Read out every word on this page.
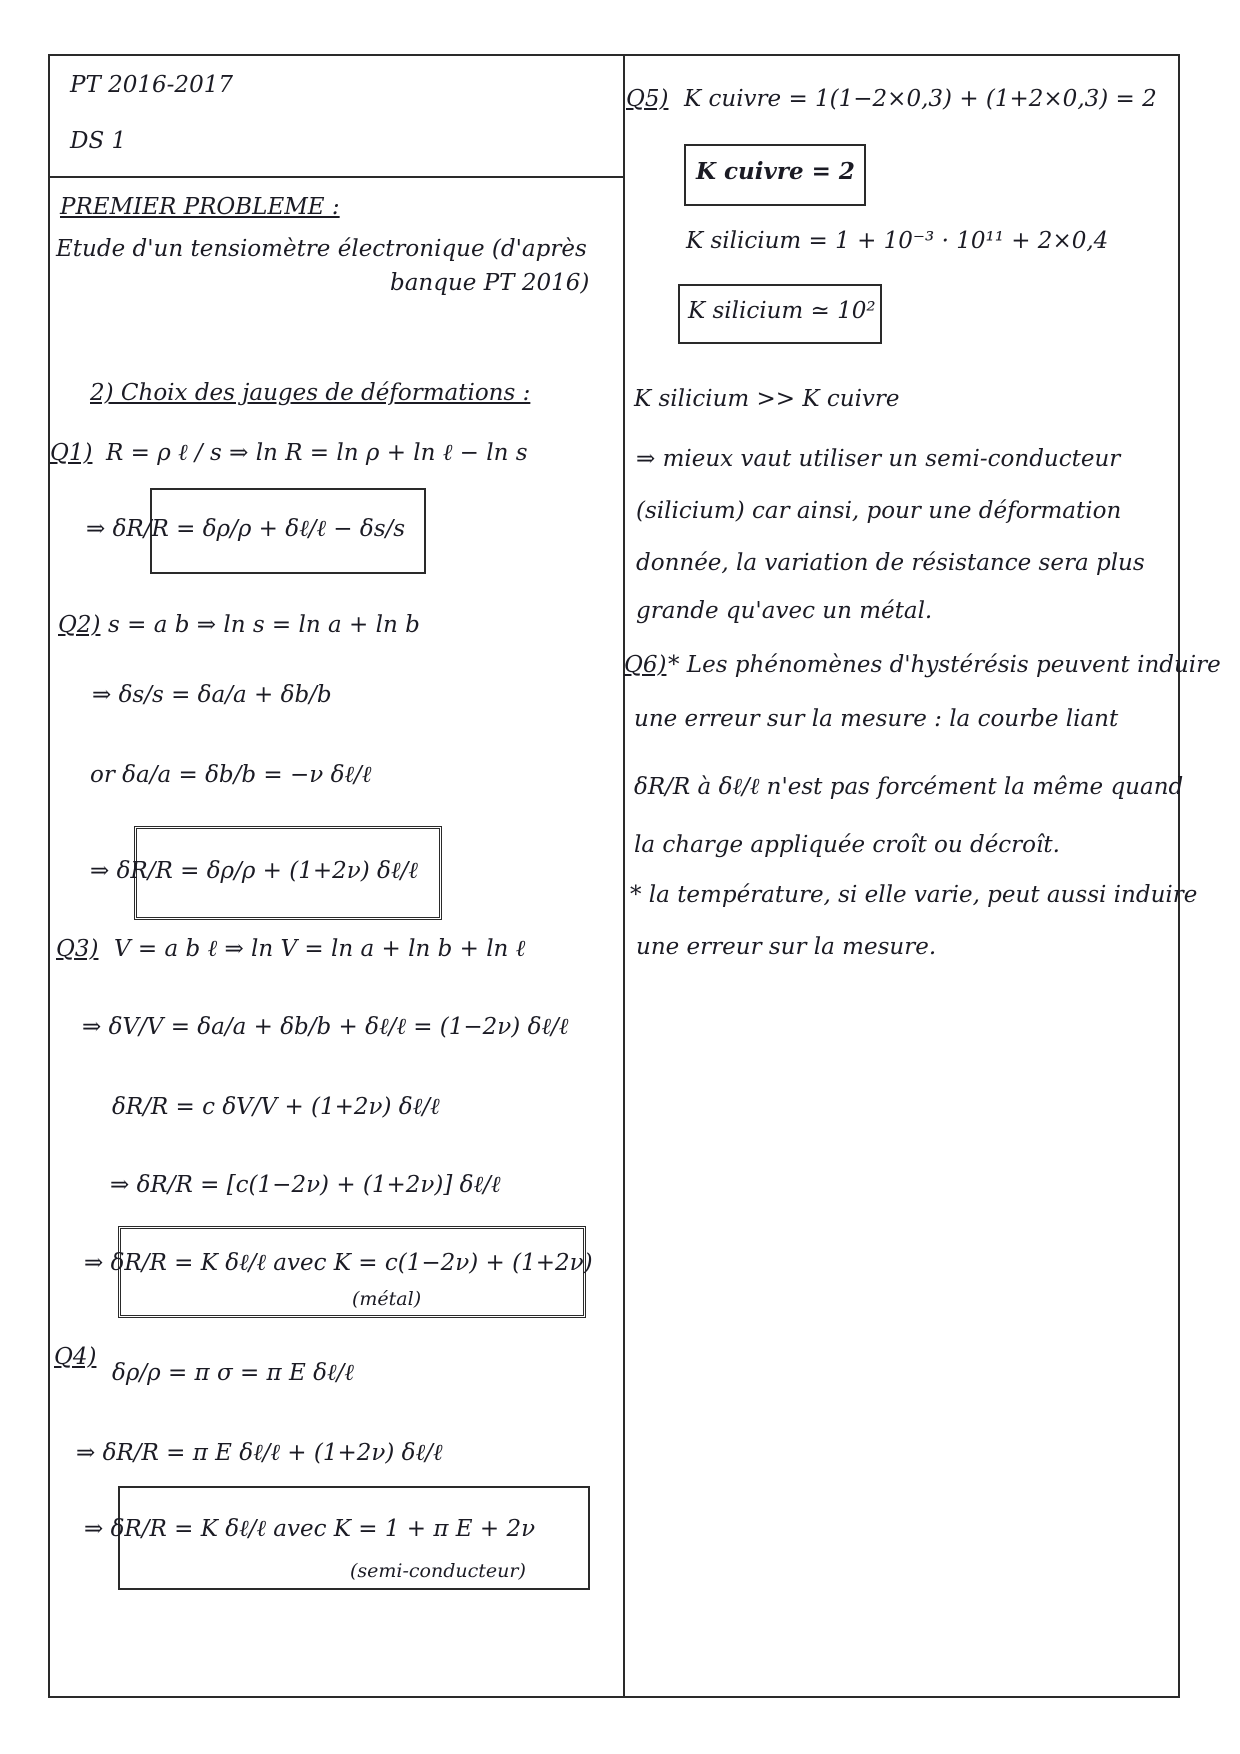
PT 2016-2017
DS 1
PREMIER PROBLEME :
Etude d'un tensiomètre électronique (d'après
banque PT 2016)
2) Choix des jauges de déformations :
Q1) R = ρ ℓ / s ⇒ ln R = ln ρ + ln ℓ − ln s
⇒ δR/R = δρ/ρ + δℓ/ℓ − δs/s
Q2) s = a b ⇒ ln s = ln a + ln b
⇒ δs/s = δa/a + δb/b
or δa/a = δb/b = −ν δℓ/ℓ
⇒ δR/R = δρ/ρ + (1+2ν) δℓ/ℓ
Q3) V = a b ℓ ⇒ ln V = ln a + ln b + ln ℓ
⇒ δV/V = δa/a + δb/b + δℓ/ℓ = (1−2ν) δℓ/ℓ
δR/R = c δV/V + (1+2ν) δℓ/ℓ
⇒ δR/R = [c(1−2ν) + (1+2ν)] δℓ/ℓ
⇒ δR/R = K δℓ/ℓ avec K = c(1−2ν) + (1+2ν)
(métal)
Q4)
δρ/ρ = π σ = π E δℓ/ℓ
⇒ δR/R = π E δℓ/ℓ + (1+2ν) δℓ/ℓ
⇒ δR/R = K δℓ/ℓ avec K = 1 + π E + 2ν
(semi-conducteur)
Q5) K cuivre = 1(1−2×0,3) + (1+2×0,3) = 2
K cuivre = 2
K silicium = 1 + 10⁻³ · 10¹¹ + 2×0,4
K silicium ≃ 10²
K silicium >> K cuivre
⇒ mieux vaut utiliser un semi-conducteur
(silicium) car ainsi, pour une déformation
donnée, la variation de résistance sera plus
grande qu'avec un métal.
Q6) * Les phénomènes d'hystérésis peuvent induire
une erreur sur la mesure : la courbe liant
δR/R à δℓ/ℓ n'est pas forcément la même quand
la charge appliquée croît ou décroît.
* la température, si elle varie, peut aussi induire
une erreur sur la mesure.
